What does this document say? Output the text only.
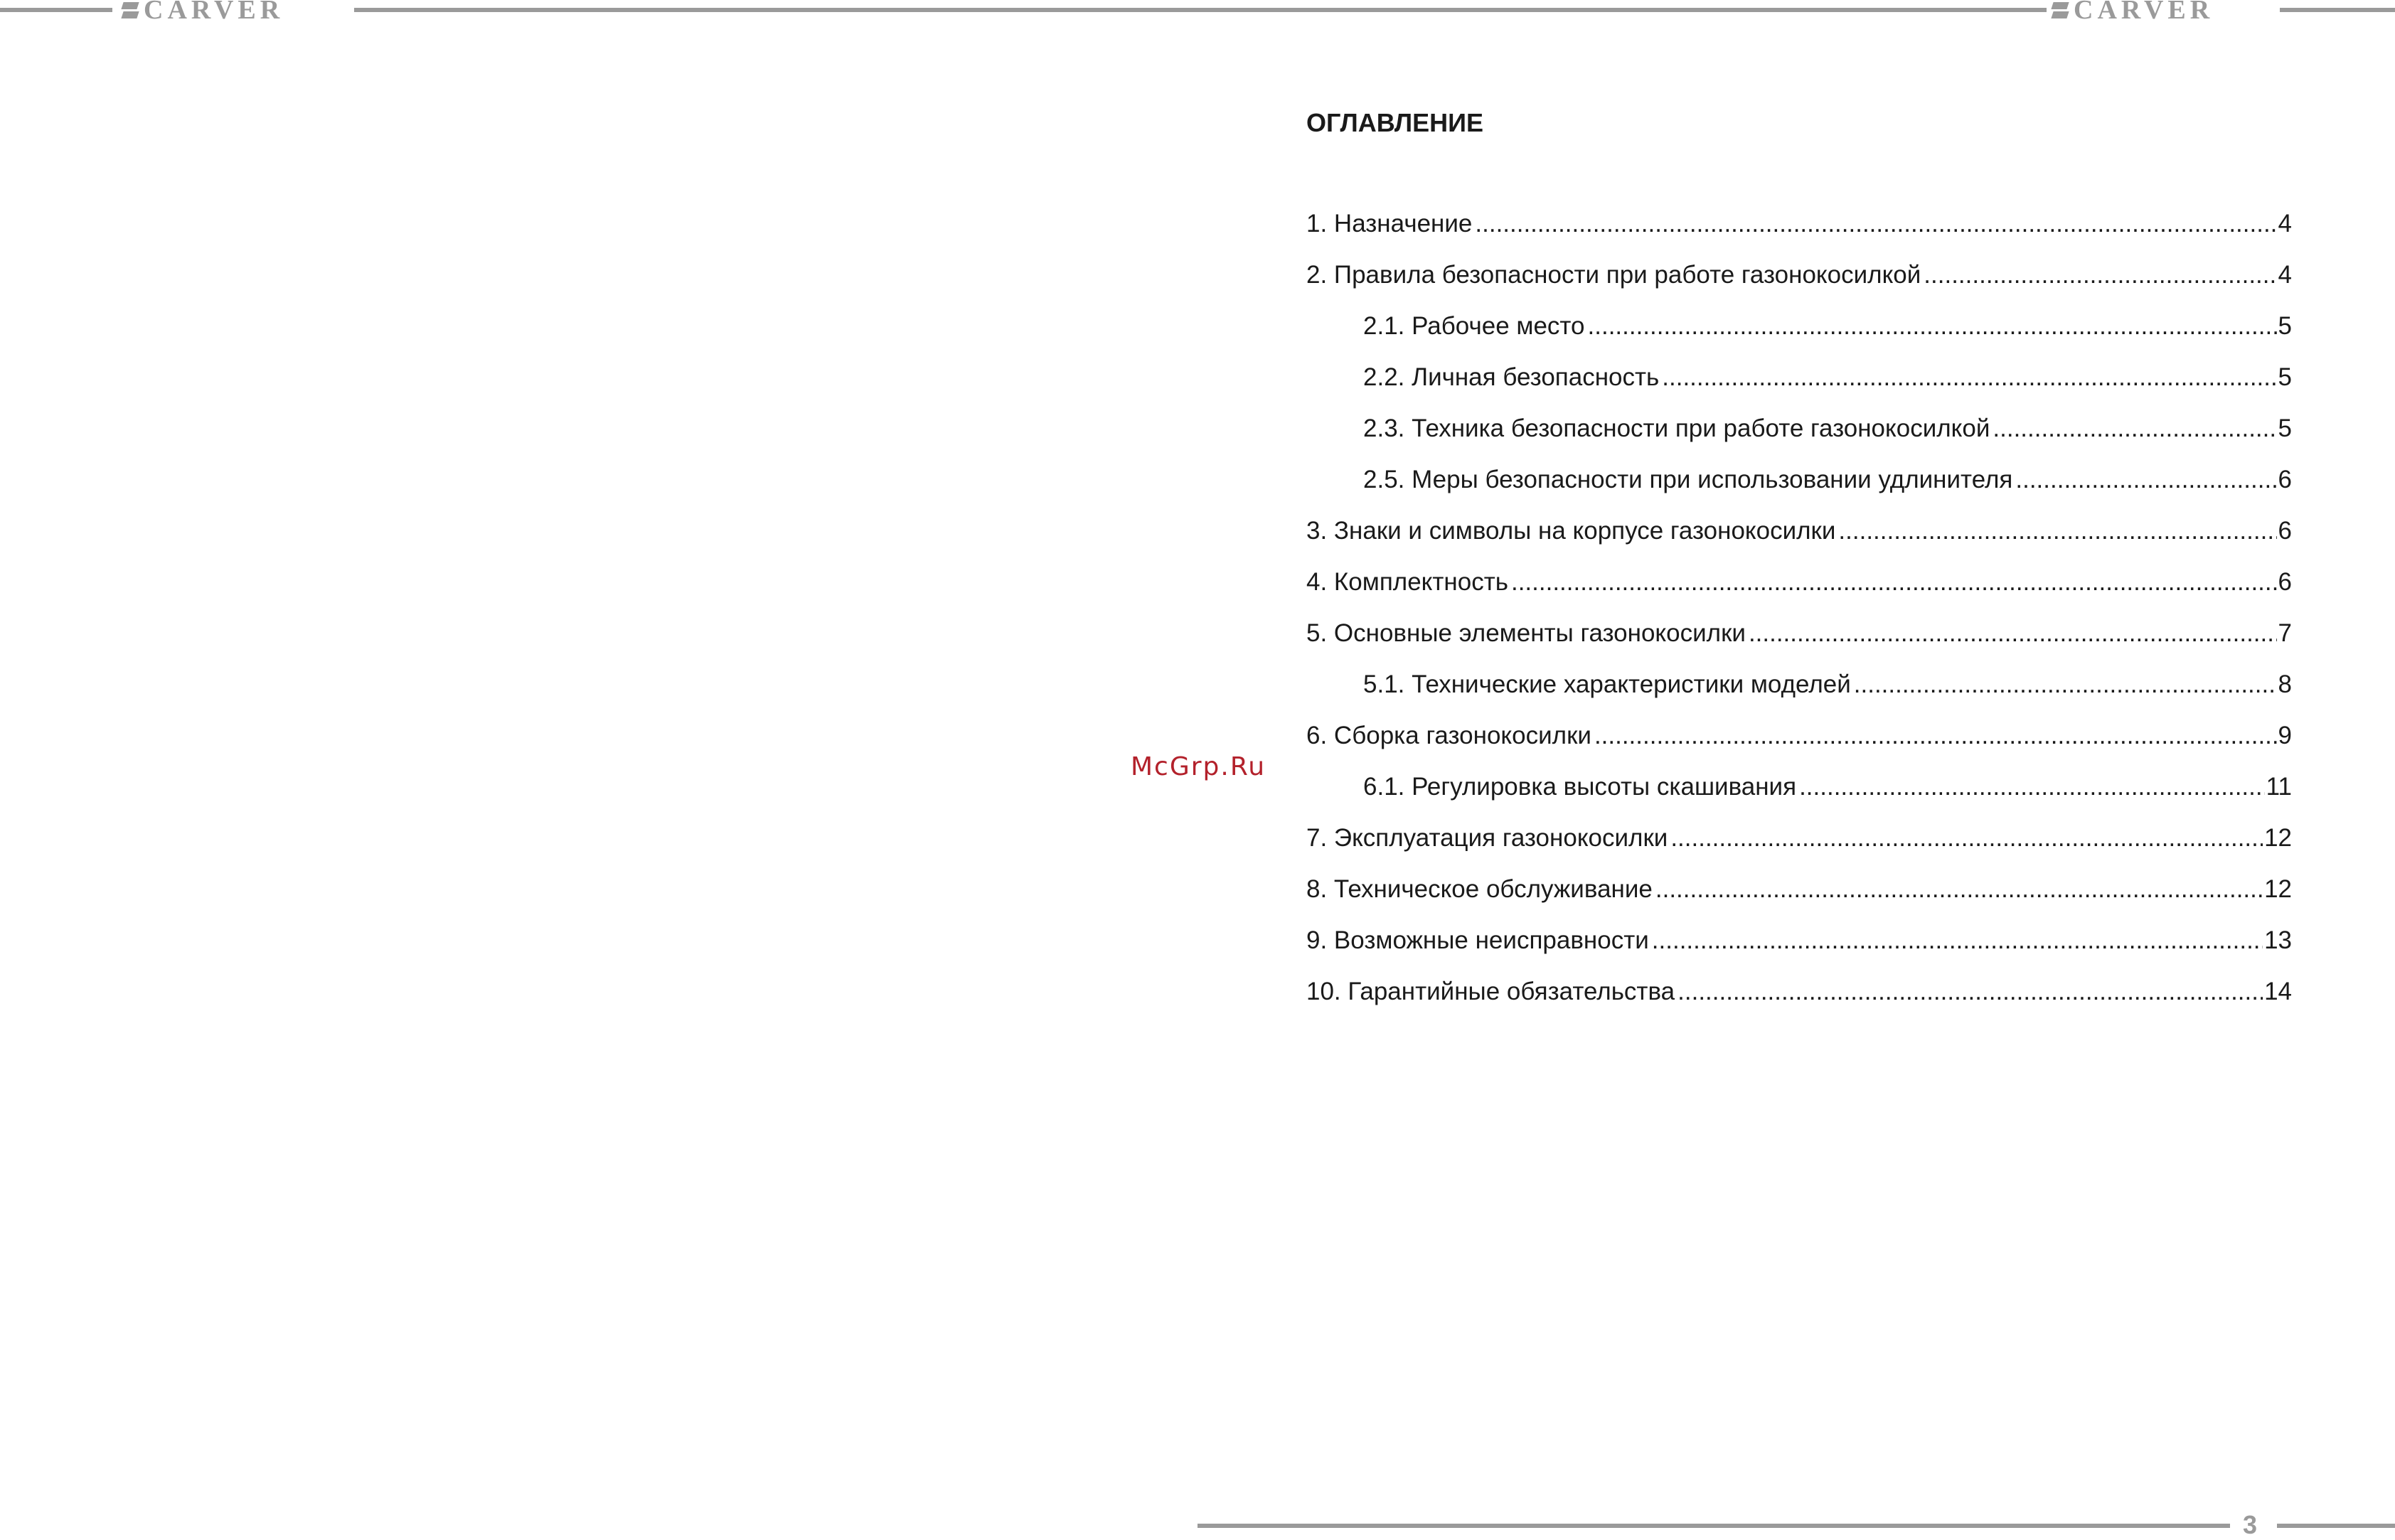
CARVER	CARVER
McGrp.Ru
ОГЛАВЛЕНИЕ
1. Назначение .....	4
2. Правила безопасности при работе газонокосилкой .....	4
2.1. Рабочее место .....	5
2.2. Личная безопасность .....	5
2.3. Техника безопасности при работе газонокосилкой .....	5
2.5. Меры безопасности при использовании удлинителя .....	6
3. Знаки и символы на корпусе газонокосилки .....	6
4. Комплектность .....	6
5. Основные элементы газонокосилки .....	7
5.1. Технические характеристики моделей .....	8
6. Сборка газонокосилки .....	9
6.1. Регулировка высоты скашивания .....	11
7. Эксплуатация газонокосилки .....	12
8. Техническое обслуживание .....	12
9. Возможные неисправности .....	13
10. Гарантийные обязательства .....	14
3
